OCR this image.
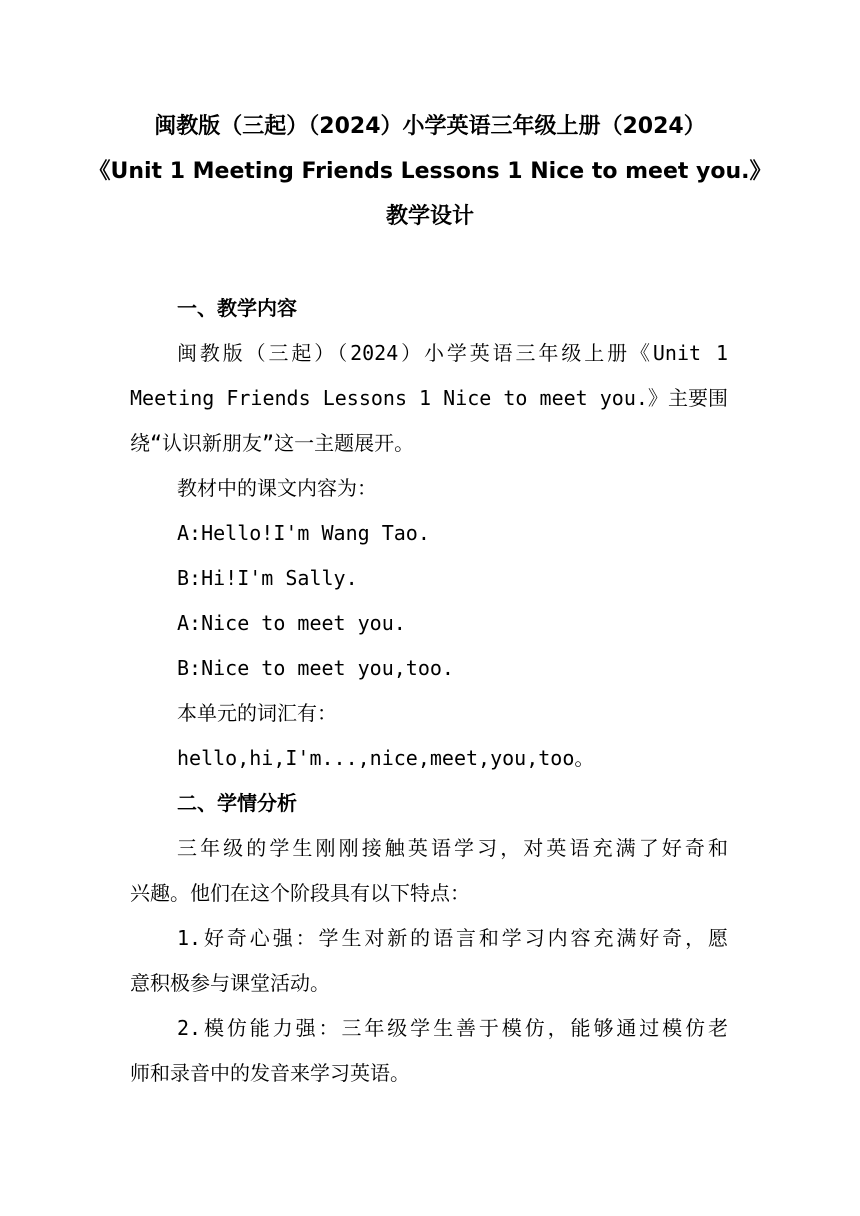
闽教版（三起）（2024）小学英语三年级上册（2024）
《Unit 1 Meeting Friends Lessons 1 Nice to meet you.》
教学设计
一、教学内容
闽教版（三起）（2024）小学英语三年级上册《Unit 1
Meeting Friends Lessons 1 Nice to meet you.》主要围
绕“认识新朋友”这一主题展开。
教材中的课文内容为：
A:Hello!I'm Wang Tao.
B:Hi!I'm Sally.
A:Nice to meet you.
B:Nice to meet you,too.
本单元的词汇有：
hello,hi,I'm...,nice,meet,you,too。
二、学情分析
三年级的学生刚刚接触英语学习，对英语充满了好奇和
兴趣。他们在这个阶段具有以下特点：
1.好奇心强：学生对新的语言和学习内容充满好奇，愿
意积极参与课堂活动。
2.模仿能力强：三年级学生善于模仿，能够通过模仿老
师和录音中的发音来学习英语。
